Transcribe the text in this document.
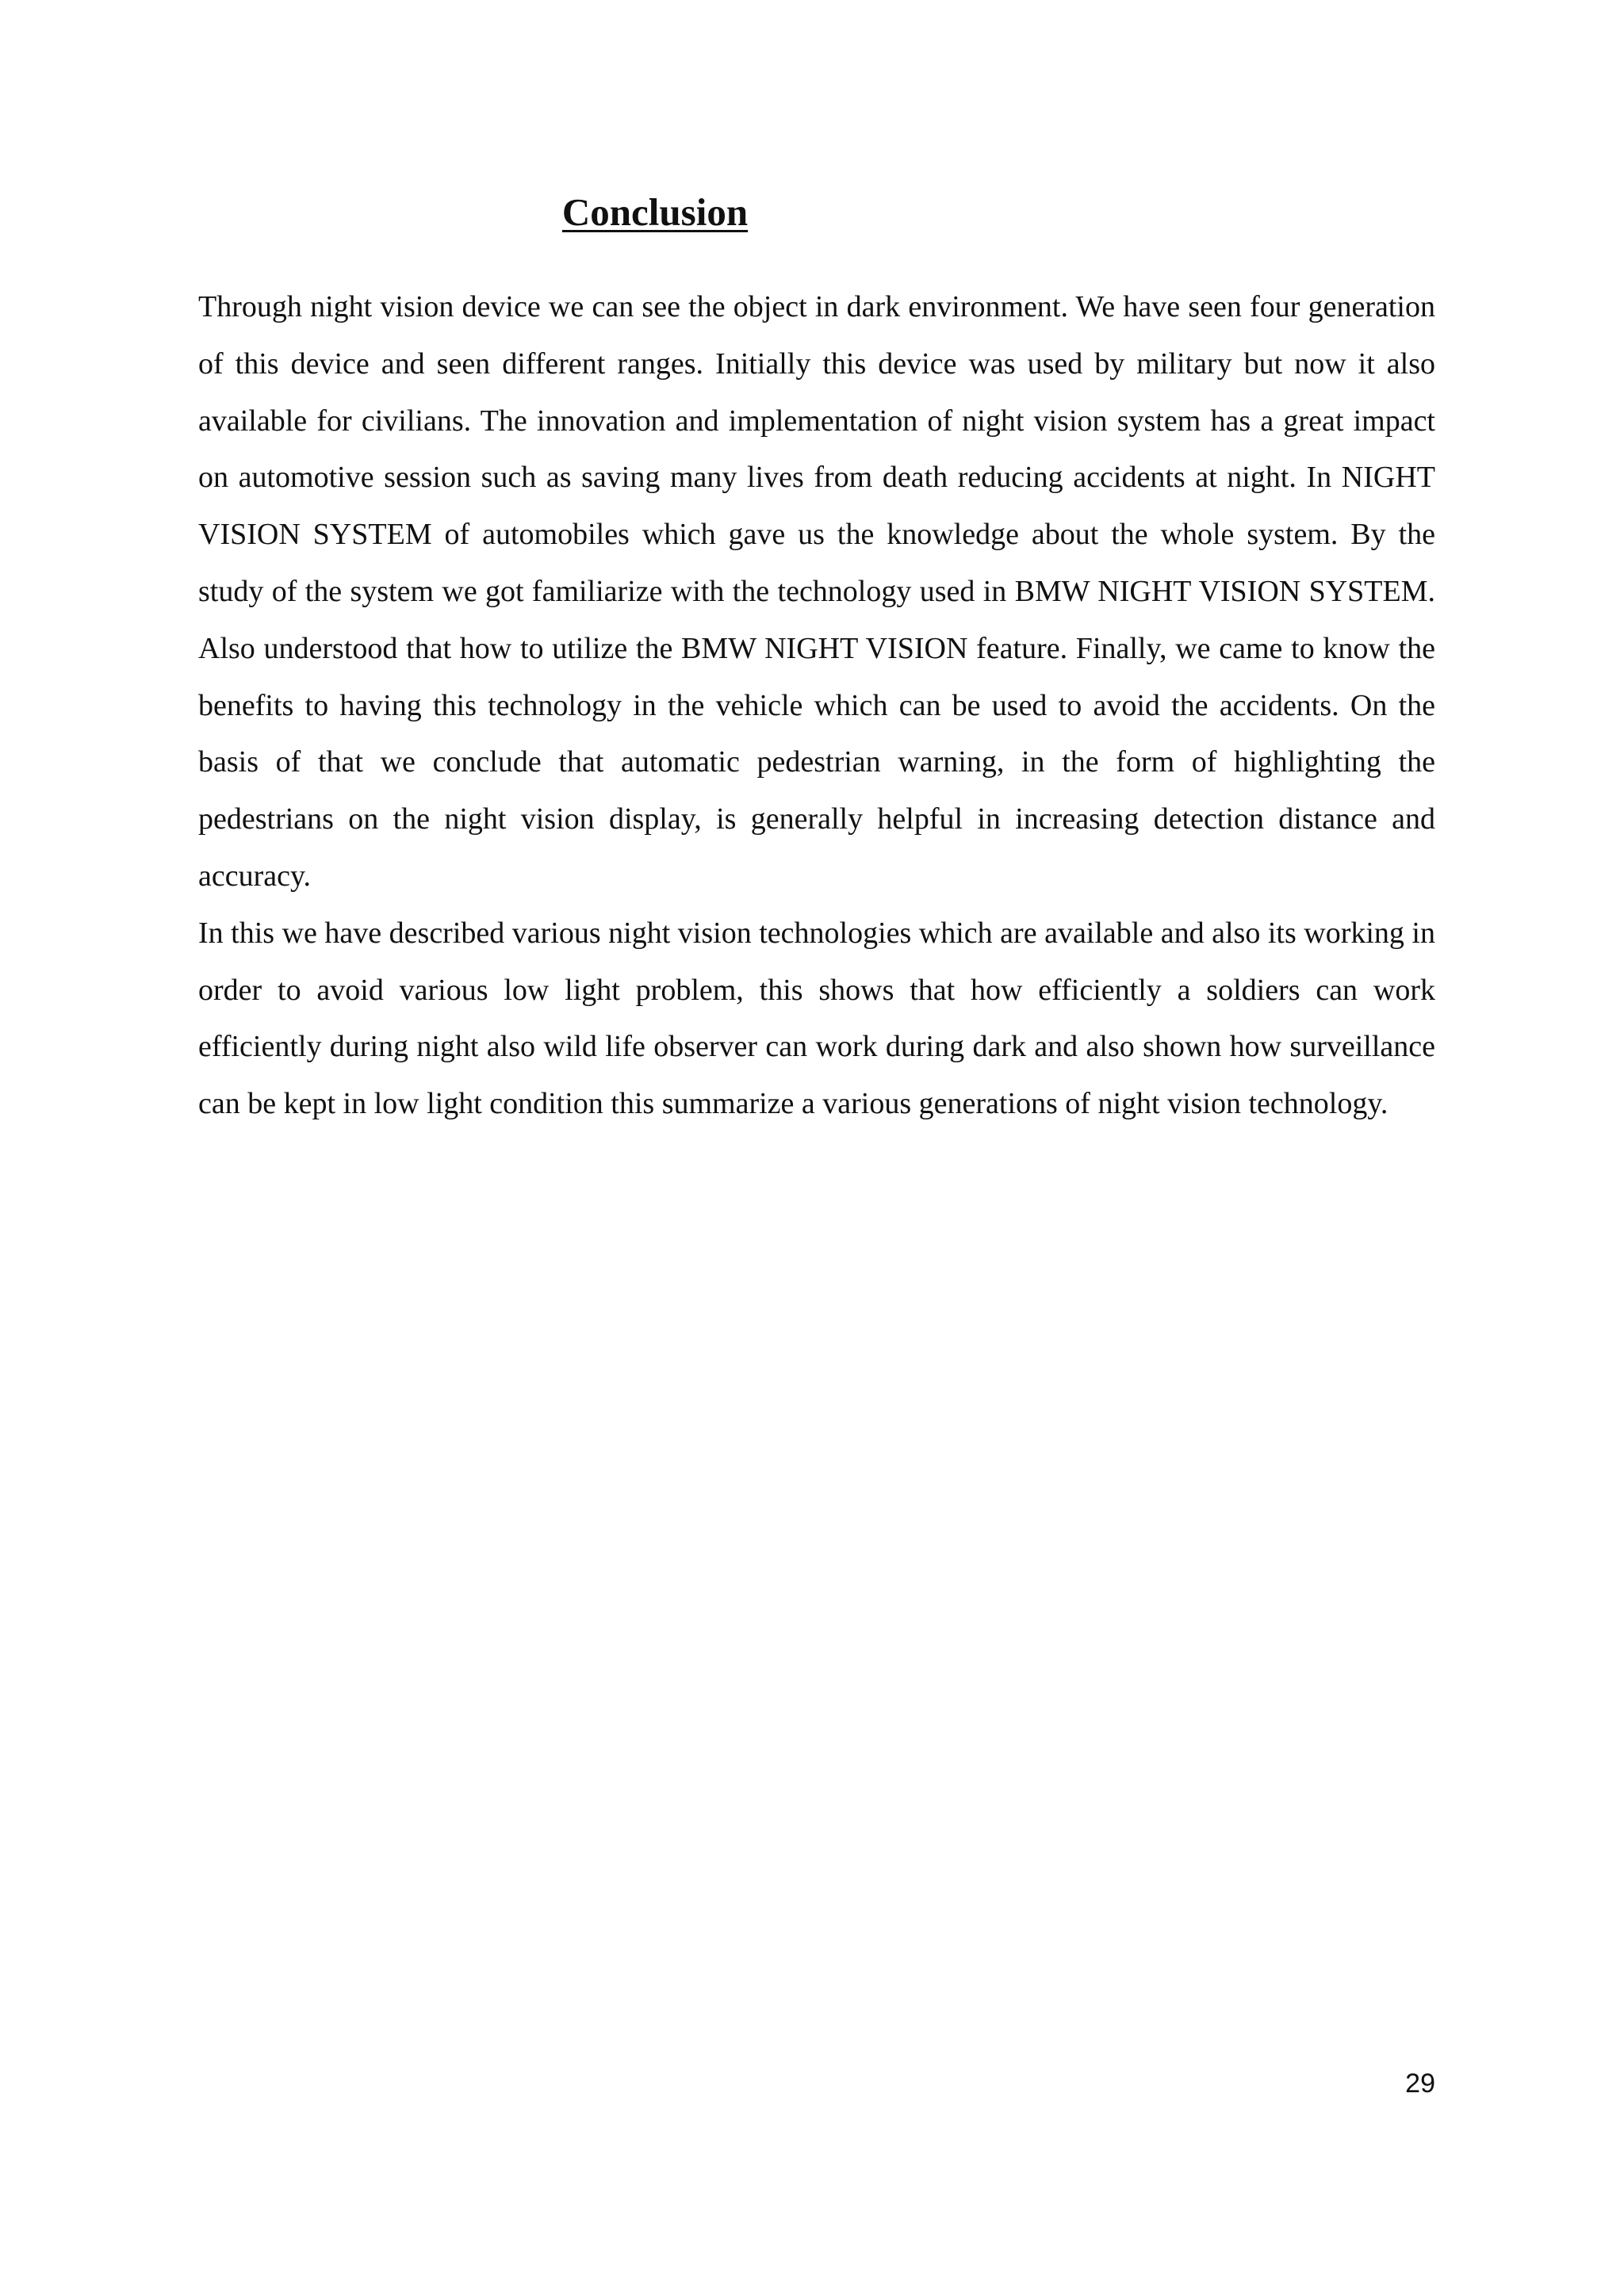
Conclusion

Through night vision device we can see the object in dark environment. We have seen four generation of this device and seen different ranges. Initially this device was used by military but now it also available for civilians. The innovation and implementation of night vision system has a great impact on automotive session such as saving many lives from death reducing accidents at night. In NIGHT VISION SYSTEM of automobiles which gave us the knowledge about the whole system. By the study of the system we got familiarize with the technology used in BMW NIGHT VISION SYSTEM. Also understood that how to utilize the BMW NIGHT VISION feature. Finally, we came to know the benefits to having this technology in the vehicle which can be used to avoid the accidents. On the basis of that we conclude that automatic pedestrian warning, in the form of highlighting the pedestrians on the night vision display, is generally helpful in increasing detection distance and accuracy.

In this we have described various night vision technologies which are available and also its working in order to avoid various low light problem, this shows that how efficiently a soldiers can work efficiently during night also wild life observer can work during dark and also shown how surveillance can be kept in low light condition this summarize a various generations of night vision technology.

29
